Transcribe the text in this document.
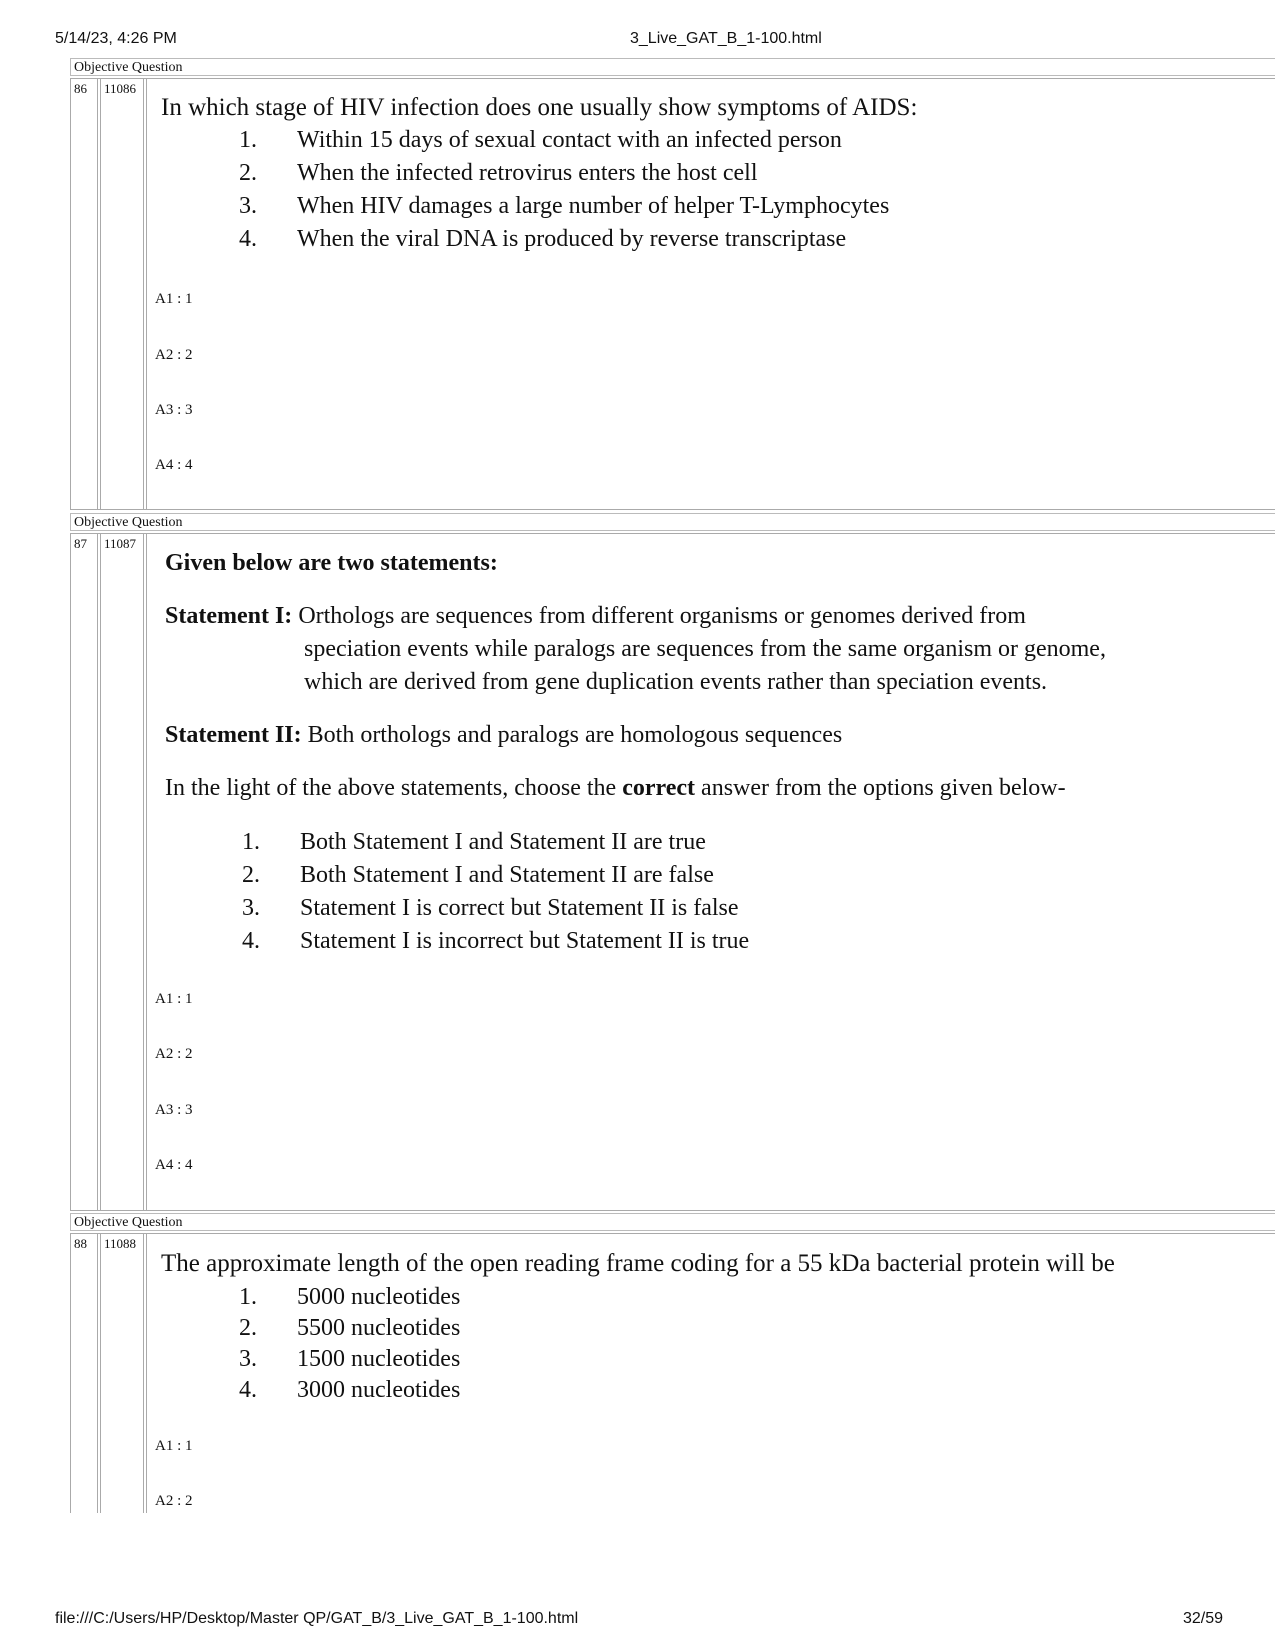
5/14/23, 4:26 PM	3_Live_GAT_B_1-100.html
Objective Question
86	11086
In which stage of HIV infection does one usually show symptoms of AIDS:
1. Within 15 days of sexual contact with an infected person
2. When the infected retrovirus enters the host cell
3. When HIV damages a large number of helper T-Lymphocytes
4. When the viral DNA is produced by reverse transcriptase
A1 : 1
A2 : 2
A3 : 3
A4 : 4
Objective Question
87	11087
Given below are two statements:
Statement I: Orthologs are sequences from different organisms or genomes derived from
speciation events while paralogs are sequences from the same organism or genome,
which are derived from gene duplication events rather than speciation events.
Statement II: Both orthologs and paralogs are homologous sequences
In the light of the above statements, choose the correct answer from the options given below-
1. Both Statement I and Statement II are true
2. Both Statement I and Statement II are false
3. Statement I is correct but Statement II is false
4. Statement I is incorrect but Statement II is true
A1 : 1
A2 : 2
A3 : 3
A4 : 4
Objective Question
88	11088
The approximate length of the open reading frame coding for a 55 kDa bacterial protein will be
1. 5000 nucleotides
2. 5500 nucleotides
3. 1500 nucleotides
4. 3000 nucleotides
A1 : 1
A2 : 2
file:///C:/Users/HP/Desktop/Master QP/GAT_B/3_Live_GAT_B_1-100.html	32/59
